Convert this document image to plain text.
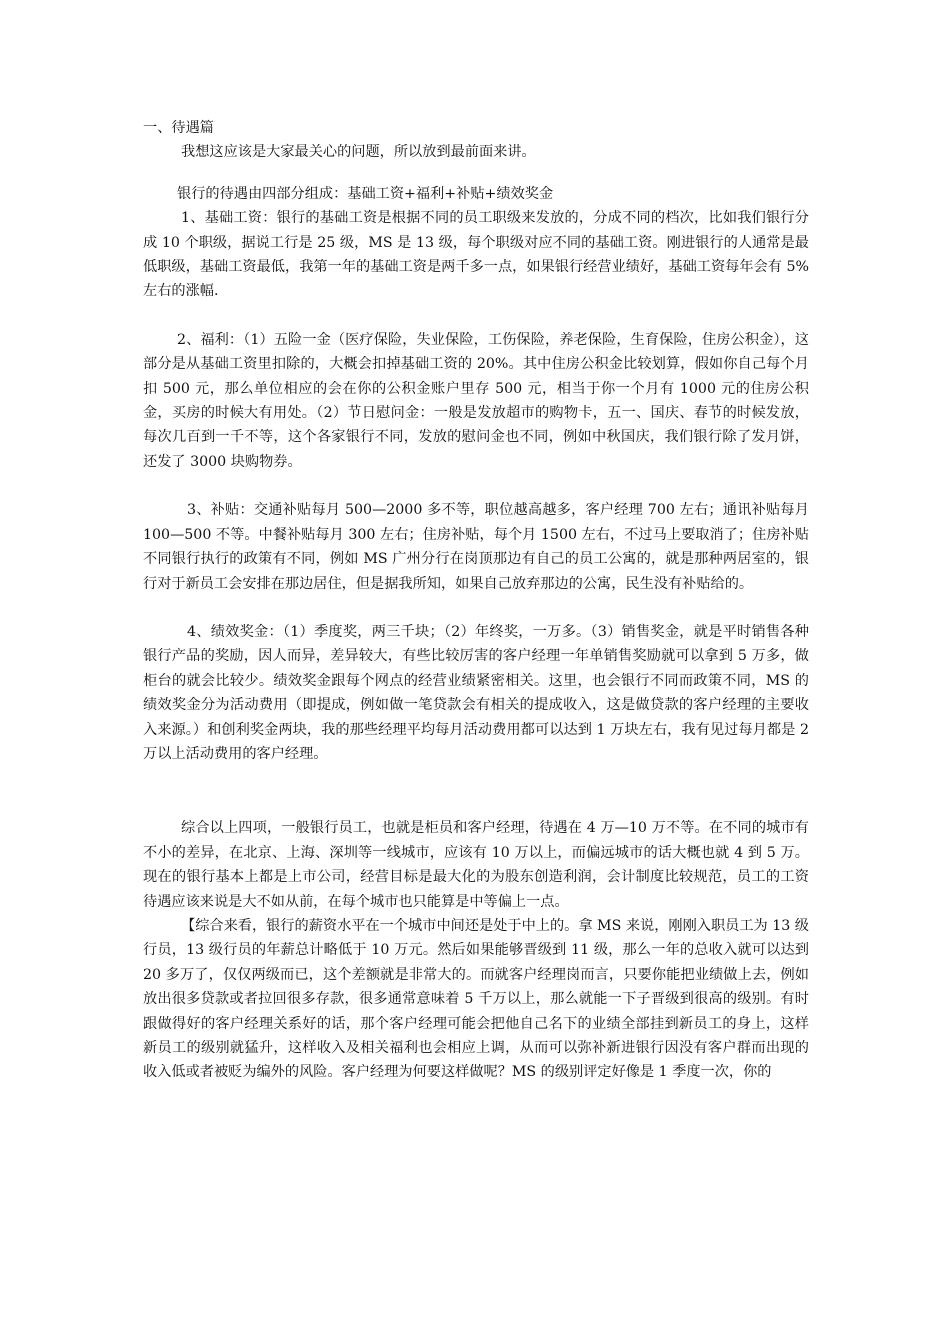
一、待遇篇

我想这应该是大家最关心的问题，所以放到最前面来讲。

银行的待遇由四部分组成：基础工资+福利+补贴+绩效奖金

1、基础工资：银行的基础工资是根据不同的员工职级来发放的，分成不同的档次，比如我们银行分成 10 个职级，据说工行是 25 级，MS 是 13 级，每个职级对应不同的基础工资。刚进银行的人通常是最低职级，基础工资最低，我第一年的基础工资是两千多一点，如果银行经营业绩好，基础工资每年会有 5%左右的涨幅.

2、福利：（1）五险一金（医疗保险，失业保险，工伤保险，养老保险，生育保险，住房公积金），这部分是从基础工资里扣除的，大概会扣掉基础工资的 20%。其中住房公积金比较划算，假如你自己每个月扣 500 元，那么单位相应的会在你的公积金账户里存 500 元，相当于你一个月有 1000 元的住房公积金，买房的时候大有用处。（2）节日慰问金：一般是发放超市的购物卡，五一、国庆、春节的时候发放，每次几百到一千不等，这个各家银行不同，发放的慰问金也不同，例如中秋国庆，我们银行除了发月饼，还发了 3000 块购物券。

3、补贴：交通补贴每月 500—2000 多不等，职位越高越多，客户经理 700 左右；通讯补贴每月 100—500 不等。中餐补贴每月 300 左右；住房补贴，每个月 1500 左右，不过马上要取消了；住房补贴不同银行执行的政策有不同，例如 MS 广州分行在岗顶那边有自己的员工公寓的，就是那种两居室的，银行对于新员工会安排在那边居住，但是据我所知，如果自己放弃那边的公寓，民生没有补贴给的。

4、绩效奖金：（1）季度奖，两三千块；（2）年终奖，一万多。（3）销售奖金，就是平时销售各种银行产品的奖励，因人而异，差异较大，有些比较厉害的客户经理一年单销售奖励就可以拿到 5 万多，做柜台的就会比较少。绩效奖金跟每个网点的经营业绩紧密相关。这里，也会银行不同而政策不同，MS 的绩效奖金分为活动费用（即提成，例如做一笔贷款会有相关的提成收入，这是做贷款的客户经理的主要收入来源。）和创利奖金两块，我的那些经理平均每月活动费用都可以达到 1 万块左右，我有见过每月都是 2 万以上活动费用的客户经理。

综合以上四项，一般银行员工，也就是柜员和客户经理，待遇在 4 万—10 万不等。在不同的城市有不小的差异，在北京、上海、深圳等一线城市，应该有 10 万以上，而偏远城市的话大概也就 4 到 5 万。现在的银行基本上都是上市公司，经营目标是最大化的为股东创造利润，会计制度比较规范，员工的工资待遇应该来说是大不如从前，在每个城市也只能算是中等偏上一点。

【综合来看，银行的薪资水平在一个城市中间还是处于中上的。拿 MS 来说，刚刚入职员工为 13 级行员，13 级行员的年薪总计略低于 10 万元。然后如果能够晋级到 11 级，那么一年的总收入就可以达到 20 多万了，仅仅两级而已，这个差额就是非常大的。而就客户经理岗而言，只要你能把业绩做上去，例如放出很多贷款或者拉回很多存款，很多通常意味着 5 千万以上，那么就能一下子晋级到很高的级别。有时跟做得好的客户经理关系好的话，那个客户经理可能会把他自己名下的业绩全部挂到新员工的身上，这样新员工的级别就猛升，这样收入及相关福利也会相应上调，从而可以弥补新进银行因没有客户群而出现的收入低或者被贬为编外的风险。客户经理为何要这样做呢？MS 的级别评定好像是 1 季度一次，你的
